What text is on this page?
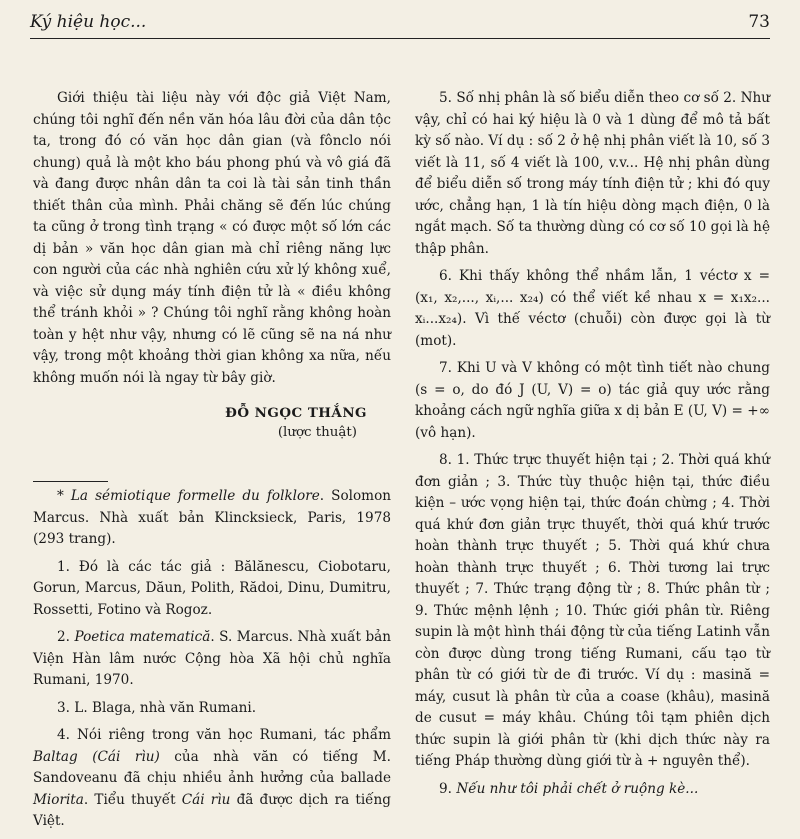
Ký hiệu học...	73

Giới thiệu tài liệu này với độc giả Việt Nam, chúng tôi nghĩ đến nền văn hóa lâu đời của dân tộc ta, trong đó có văn học dân gian (và fônclo nói chung) quả là một kho báu phong phú và vô giá đã và đang được nhân dân ta coi là tài sản tinh thần thiết thân của mình. Phải chăng sẽ đến lúc chúng ta cũng ở trong tình trạng « có được một số lớn các dị bản » văn học dân gian mà chỉ riêng năng lực con người của các nhà nghiên cứu xử lý không xuể, và việc sử dụng máy tính điện tử là « điều không thể tránh khỏi » ? Chúng tôi nghĩ rằng không hoàn toàn y hệt như vậy, nhưng có lẽ cũng sẽ na ná như vậy, trong một khoảng thời gian không xa nữa, nếu không muốn nói là ngay từ bây giờ.

ĐỖ NGỌC THẮNG
(lược thuật)

* La sémiotique formelle du folklore. Solomon Marcus. Nhà xuất bản Klincksieck, Paris, 1978 (293 trang).

1. Đó là các tác giả : Bălănescu, Ciobotaru, Gorun, Marcus, Dăun, Polith, Rădoi, Dinu, Dumitru, Rossetti, Fotino và Rogoz.

2. Poetica matematică. S. Marcus. Nhà xuất bản Viện Hàn lâm nước Cộng hòa Xã hội chủ nghĩa Rumani, 1970.

3. L. Blaga, nhà văn Rumani.

4. Nói riêng trong văn học Rumani, tác phẩm Baltag (Cái rìu) của nhà văn có tiếng M. Sandoveanu đã chịu nhiều ảnh hưởng của ballade Miorita. Tiểu thuyết Cái rìu đã được dịch ra tiếng Việt.

5. Số nhị phân là số biểu diễn theo cơ số 2. Như vậy, chỉ có hai ký hiệu là 0 và 1 dùng để mô tả bất kỳ số nào. Ví dụ : số 2 ở hệ nhị phân viết là 10, số 3 viết là 11, số 4 viết là 100, v.v... Hệ nhị phân dùng để biểu diễn số trong máy tính điện tử ; khi đó quy ước, chẳng hạn, 1 là tín hiệu dòng mạch điện, 0 là ngắt mạch. Số ta thường dùng có cơ số 10 gọi là hệ thập phân.

6. Khi thấy không thể nhầm lẫn, 1 véctơ x = (x₁, x₂,..., xᵢ,... x₂₄) có thể viết kề nhau x = x₁x₂... xᵢ...x₂₄). Vì thế véctơ (chuỗi) còn được gọi là từ (mot).

7. Khi U và V không có một tình tiết nào chung (s = o, do đó J (U, V) = o) tác giả quy ước rằng khoảng cách ngữ nghĩa giữa x dị bản E (U, V) = +∞ (vô hạn).

8. 1. Thức trực thuyết hiện tại ; 2. Thời quá khứ đơn giản ; 3. Thức tùy thuộc hiện tại, thức điều kiện – ước vọng hiện tại, thức đoán chừng ; 4. Thời quá khứ đơn giản trực thuyết, thời quá khứ trước hoàn thành trực thuyết ; 5. Thời quá khứ chưa hoàn thành trực thuyết ; 6. Thời tương lai trực thuyết ; 7. Thức trạng động từ ; 8. Thức phân từ ; 9. Thức mệnh lệnh ; 10. Thức giới phân từ. Riêng supin là một hình thái động từ của tiếng Latinh vẫn còn được dùng trong tiếng Rumani, cấu tạo từ phân từ có giới từ de đi trước. Ví dụ : masină = máy, cusut là phân từ của a coase (khâu), masină de cusut = máy khâu. Chúng tôi tạm phiên dịch thức supin là giới phân từ (khi dịch thức này ra tiếng Pháp thường dùng giới từ à + nguyên thể).

9. Nếu như tôi phải chết ở ruộng kè...
